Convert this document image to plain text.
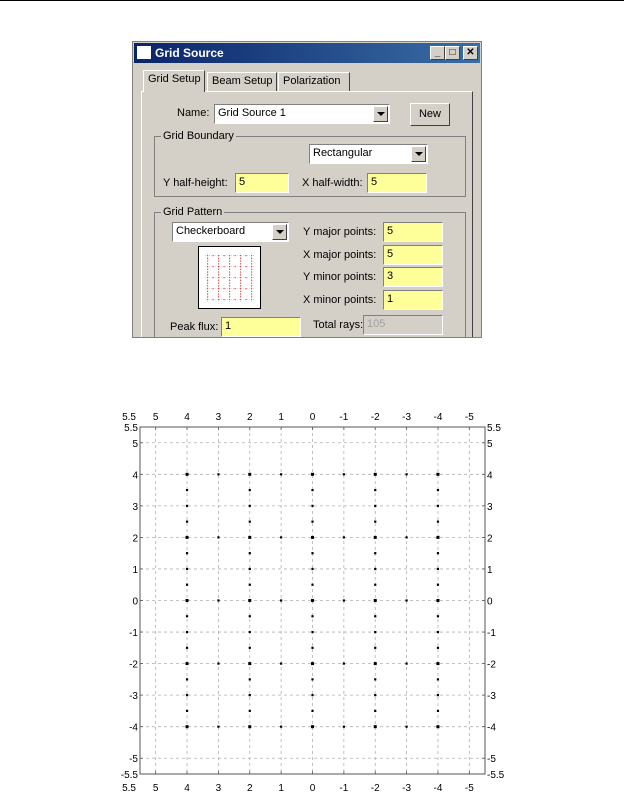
Grid Source	_ □	✕
Grid Setup	Beam Setup Polarization
Name: Grid Source 1	New
Grid Boundary
Rectangular
Y half-height:	5	X half-width: 5
Grid Pattern
Checkerboard	Y major points: 5
X major points: 5
Y minor points: 3
X minor points: 1
Peak flux: 1	Total rays: 105
5.5 5	4	3	2	1	0 -1 -2 -3 -4 -5
5.5 5	4	3	2	1	0 -1 -2 -3 -4 -5
5.5
5
4
3
2
1
0
-1
-2
-3
-4
-5
-5.5
5.5
5
4
3
2
1
0
-1
-2
-3
-4
-5
-5.5
